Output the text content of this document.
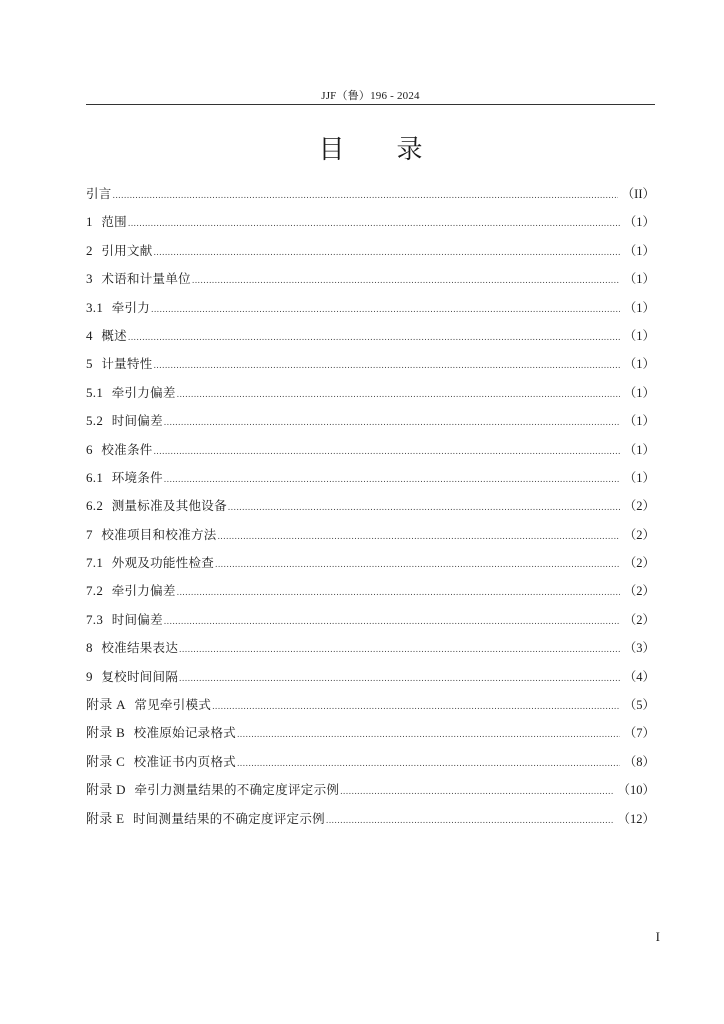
JJF（鲁）196 - 2024
目录
引言 .....	（II）
1 范围 .....	（1）
2 引用文献 .....	（1）
3 术语和计量单位 .....	（1）
3.1 牵引力 .....	（1）
4 概述 .....	（1）
5 计量特性 .....	（1）
5.1 牵引力偏差 .....	（1）
5.2 时间偏差 .....	（1）
6 校准条件 .....	（1）
6.1 环境条件 .....	（1）
6.2 测量标准及其他设备 .....	（2）
7 校准项目和校准方法 .....	（2）
7.1 外观及功能性检查 .....	（2）
7.2 牵引力偏差 .....	（2）
7.3 时间偏差 .....	（2）
8 校准结果表达 .....	（3）
9 复校时间间隔 .....	（4）
附录 A 常见牵引模式 .....	（5）
附录 B 校准原始记录格式 .....	（7）
附录 C 校准证书内页格式 .....	（8）
附录 D 牵引力测量结果的不确定度评定示例 .....	（10）
附录 E 时间测量结果的不确定度评定示例 .....	（12）
I
